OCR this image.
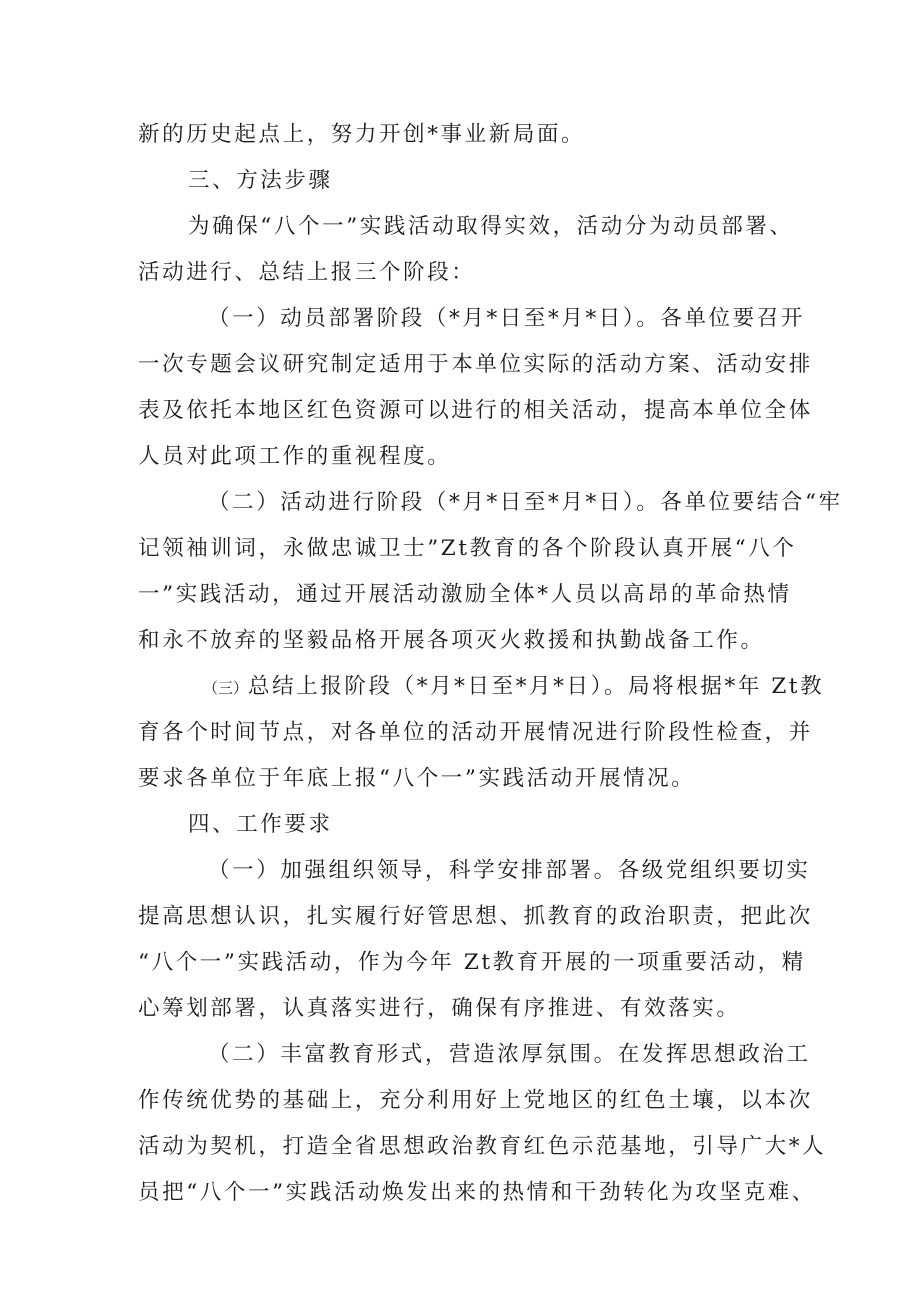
新的历史起点上，努力开创*事业新局面。
三、方法步骤
为确保“八个一”实践活动取得实效，活动分为动员部署、
活动进行、总结上报三个阶段：
（一）动员部署阶段（*月*日至*月*日）。各单位要召开
一次专题会议研究制定适用于本单位实际的活动方案、活动安排
表及依托本地区红色资源可以进行的相关活动，提高本单位全体
人员对此项工作的重视程度。
（二）活动进行阶段（*月*日至*月*日）。各单位要结合“牢
记领袖训词，永做忠诚卫士”Zt教育的各个阶段认真开展“八个
一”实践活动，通过开展活动激励全体*人员以高昂的革命热情
和永不放弃的坚毅品格开展各项灭火救援和执勤战备工作。
（三）总结上报阶段（*月*日至*月*日）。局将根据*年 Zt教
育各个时间节点，对各单位的活动开展情况进行阶段性检查，并
要求各单位于年底上报“八个一”实践活动开展情况。
四、工作要求
（一）加强组织领导，科学安排部署。各级党组织要切实
提高思想认识，扎实履行好管思想、抓教育的政治职责，把此次
“八个一”实践活动，作为今年 Zt教育开展的一项重要活动，精
心筹划部署，认真落实进行，确保有序推进、有效落实。
（二）丰富教育形式，营造浓厚氛围。在发挥思想政治工
作传统优势的基础上，充分利用好上党地区的红色土壤，以本次
活动为契机，打造全省思想政治教育红色示范基地，引导广大*人
员把“八个一”实践活动焕发出来的热情和干劲转化为攻坚克难、
